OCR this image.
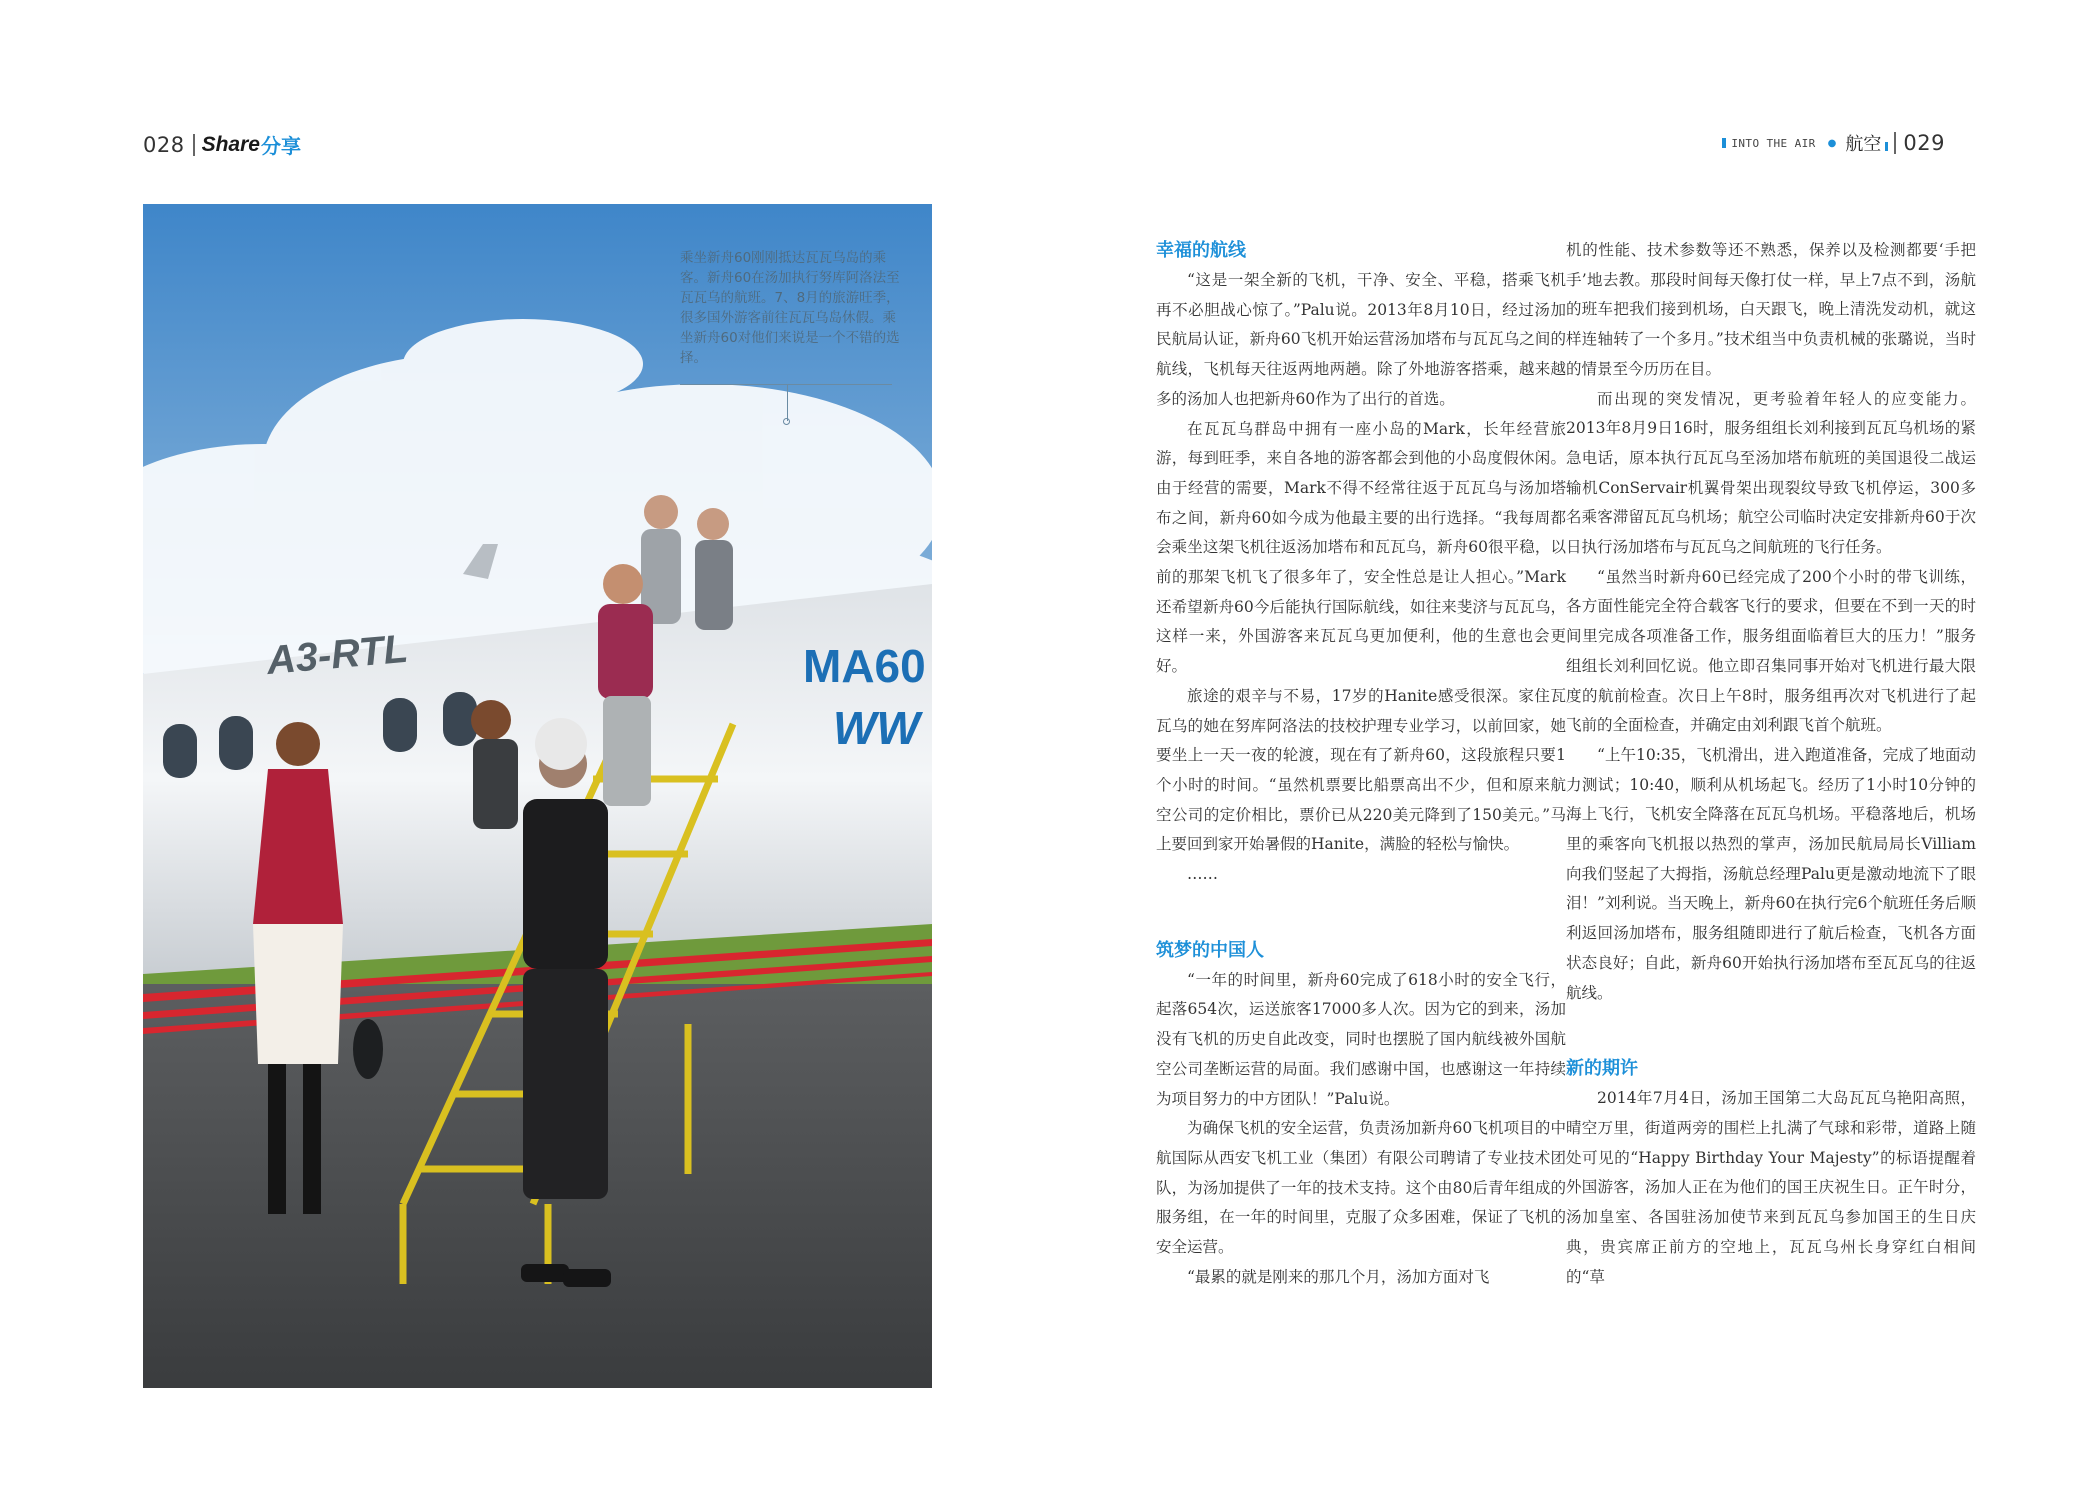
028 Share 分享	INTO THE AIR ● 航空 029
A3-RTL	MA60
WW

乘坐新舟60刚刚抵达瓦瓦乌岛的乘客。新舟60在汤加执行努库阿洛法至瓦瓦乌的航班。7、8月的旅游旺季，很多国外游客前往瓦瓦乌岛休假。乘坐新舟60对他们来说是一个不错的选择。

幸福的航线

“这是一架全新的飞机，干净、安全、平稳，搭乘飞机再不必胆战心惊了。”Palu说。2013年8月10日，经过汤加民航局认证，新舟60飞机开始运营汤加塔布与瓦瓦乌之间的航线，飞机每天往返两地两趟。除了外地游客搭乘，越来越多的汤加人也把新舟60作为了出行的首选。

在瓦瓦乌群岛中拥有一座小岛的Mark，长年经营旅游，每到旺季，来自各地的游客都会到他的小岛度假休闲。由于经营的需要，Mark不得不经常往返于瓦瓦乌与汤加塔布之间，新舟60如今成为他最主要的出行选择。“我每周都会乘坐这架飞机往返汤加塔布和瓦瓦乌，新舟60很平稳，以前的那架飞机飞了很多年了，安全性总是让人担心。”Mark还希望新舟60今后能执行国际航线，如往来斐济与瓦瓦乌，这样一来，外国游客来瓦瓦乌更加便利，他的生意也会更好。

旅途的艰辛与不易，17岁的Hanite感受很深。家住瓦瓦乌的她在努库阿洛法的技校护理专业学习，以前回家，她要坐上一天一夜的轮渡，现在有了新舟60，这段旅程只要1个小时的时间。“虽然机票要比船票高出不少，但和原来航空公司的定价相比，票价已从220美元降到了150美元。”马上要回到家开始暑假的Hanite，满脸的轻松与愉快。

……

筑梦的中国人

“一年的时间里，新舟60完成了618小时的安全飞行，起落654次，运送旅客17000多人次。因为它的到来，汤加没有飞机的历史自此改变，同时也摆脱了国内航线被外国航空公司垄断运营的局面。我们感谢中国，也感谢这一年持续为项目努力的中方团队！”Palu说。

为确保飞机的安全运营，负责汤加新舟60飞机项目的中航国际从西安飞机工业（集团）有限公司聘请了专业技术团队，为汤加提供了一年的技术支持。这个由80后青年组成的服务组，在一年的时间里，克服了众多困难，保证了飞机的安全运营。

“最累的就是刚来的那几个月，汤加方面对飞

机的性能、技术参数等还不熟悉，保养以及检测都要‘手把手’地去教。那段时间每天像打仗一样，早上7点不到，汤航的班车把我们接到机场，白天跟飞，晚上清洗发动机，就这样连轴转了一个多月。”技术组当中负责机械的张璐说，当时的情景至今历历在目。

而出现的突发情况，更考验着年轻人的应变能力。2013年8月9日16时，服务组组长刘利接到瓦瓦乌机场的紧急电话，原本执行瓦瓦乌至汤加塔布航班的美国退役二战运输机ConServair机翼骨架出现裂纹导致飞机停运，300多名乘客滞留瓦瓦乌机场；航空公司临时决定安排新舟60于次日执行汤加塔布与瓦瓦乌之间航班的飞行任务。

“虽然当时新舟60已经完成了200个小时的带飞训练，各方面性能完全符合载客飞行的要求，但要在不到一天的时间里完成各项准备工作，服务组面临着巨大的压力！”服务组组长刘利回忆说。他立即召集同事开始对飞机进行最大限度的航前检查。次日上午8时，服务组再次对飞机进行了起飞前的全面检查，并确定由刘利跟飞首个航班。

“上午10:35，飞机滑出，进入跑道准备，完成了地面动力测试；10:40，顺利从机场起飞。经历了1小时10分钟的海上飞行，飞机安全降落在瓦瓦乌机场。平稳落地后，机场里的乘客向飞机报以热烈的掌声，汤加民航局局长Villiam向我们竖起了大拇指，汤航总经理Palu更是激动地流下了眼泪！”刘利说。当天晚上，新舟60在执行完6个航班任务后顺利返回汤加塔布，服务组随即进行了航后检查，飞机各方面状态良好；自此，新舟60开始执行汤加塔布至瓦瓦乌的往返航线。

新的期许

2014年7月4日，汤加王国第二大岛瓦瓦乌艳阳高照，晴空万里，街道两旁的围栏上扎满了气球和彩带，道路上随处可见的“Happy Birthday Your Majesty”的标语提醒着外国游客，汤加人正在为他们的国王庆祝生日。正午时分，汤加皇室、各国驻汤加使节来到瓦瓦乌参加国王的生日庆典，贵宾席正前方的空地上，瓦瓦乌州长身穿红白相间的“草
